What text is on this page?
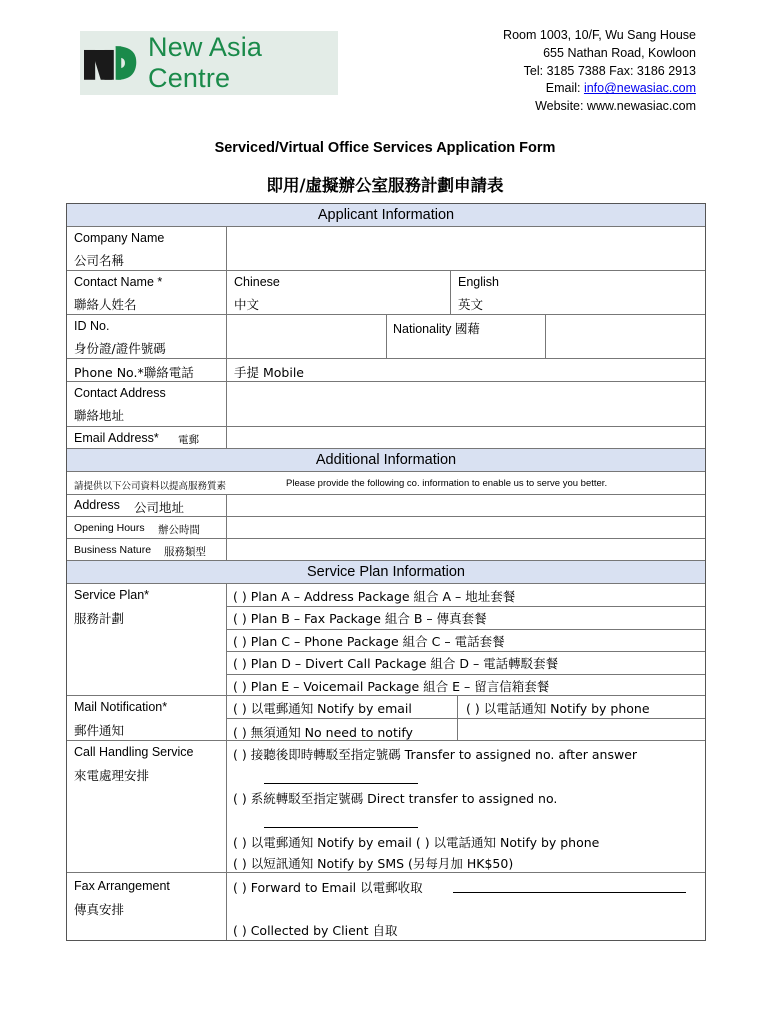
New Asia Centre
Room 1003, 10/F, Wu Sang House
655 Nathan Road, Kowloon
Tel: 3185 7388 Fax: 3186 2913
Email: info@newasiac.com
Website: www.newasiac.com
Serviced/Virtual Office Services Application Form
即用/虛擬辦公室服務計劃申請表
Applicant Information
Company Name
公司名稱
Contact Name *
聯絡人姓名
Chinese
中文
English
英文
ID No.
身份證/證件號碼
Nationality 國藉
Phone No.*聯絡電話	手提 Mobile
Contact Address
聯絡地址
Email Address* 電郵
Additional Information
請提供以下公司資料以提高服務質素	Please provide the following co. information to enable us to serve you better.
Address 公司地址
Opening Hours 辦公時間
Business Nature 服務類型
Service Plan Information
Service Plan*
服務計劃
( ) Plan A – Address Package 組合 A – 地址套餐
( ) Plan B – Fax Package 組合 B – 傳真套餐
( ) Plan C – Phone Package 組合 C – 電話套餐
( ) Plan D – Divert Call Package 組合 D – 電話轉駁套餐
( ) Plan E – Voicemail Package 組合 E – 留言信箱套餐
Mail Notification*
郵件通知
( ) 以電郵通知 Notify by email
( ) 無須通知 No need to notify
( ) 以電話通知 Notify by phone
Call Handling Service
來電處理安排
( ) 接聽後即時轉駁至指定號碼 Transfer to assigned no. after answer
( ) 系統轉駁至指定號碼 Direct transfer to assigned no.
( ) 以電郵通知 Notify by email ( ) 以電話通知 Notify by phone
( ) 以短訊通知 Notify by SMS (另每月加 HK$50)
Fax Arrangement
傳真安排
( ) Forward to Email 以電郵收取
( ) Collected by Client 自取
